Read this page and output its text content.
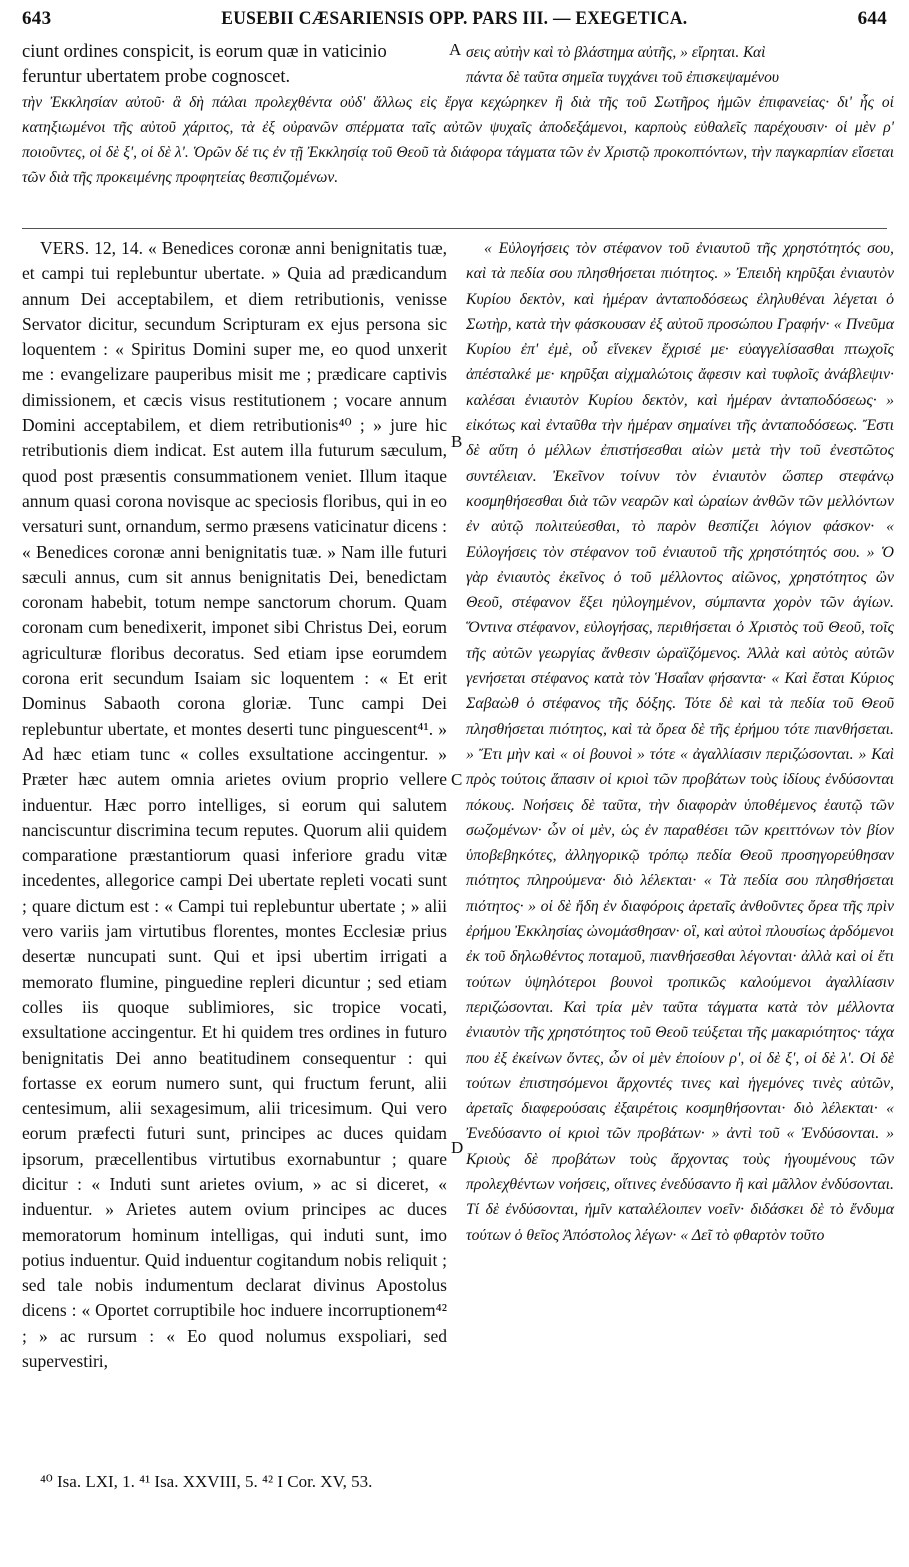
643	EUSEBII CÆSARIENSIS OPP. PARS III. — EXEGETICA.	644
ciunt ordines conspicit, is eorum quæ in vaticinio
feruntur ubertatem probe cognoscet.
σεις αὐτὴν καὶ τὸ βλάστημα αὐτῆς, » εἴρηται. Καὶ
πάντα δὲ ταῦτα σημεῖα τυγχάνει τοῦ ἐπισκεψαμένου
τὴν Ἐκκλησίαν αὐτοῦ· ἃ δὴ πάλαι προλεχθέντα οὐδ' ἄλλως εἰς ἔργα κεχώρηκεν ἢ διὰ τῆς τοῦ Σωτῆρος ἡμῶν ἐπιφανείας· δι' ἧς οἱ κατηξιωμένοι τῆς αὐτοῦ χάριτος, τὰ ἐξ οὐρανῶν σπέρματα ταῖς αὐτῶν ψυχαῖς ἀποδεξάμενοι, καρποὺς εὐθαλεῖς παρέχουσιν· οἱ μὲν ρ' ποιοῦντες, οἱ δὲ ξ', οἱ δὲ λ'. Ὁρῶν δέ τις ἐν τῇ Ἐκκλησίᾳ τοῦ Θεοῦ τὰ διάφορα τάγματα τῶν ἐν Χριστῷ προκοπτόντων, τὴν παγκαρπίαν εἴσεται τῶν διὰ τῆς προκειμένης προφητείας θεσπιζομένων.
A
B
C
D

VERS. 12, 14. « Benedices coronæ anni benignitatis tuæ, et campi tui replebuntur ubertate. » Quia ad prædicandum annum Dei acceptabilem, et diem retributionis, venisse Servator dicitur, secundum Scripturam ex ejus persona sic loquentem : « Spiritus Domini super me, eo quod unxerit me : evangelizare pauperibus misit me ; prædicare captivis dimissionem, et cæcis visus restitutionem ; vocare annum Domini acceptabilem, et diem retributionis⁴⁰ ; » jure hic retributionis diem indicat. Est autem illa futurum sæculum, quod post præsentis consummationem veniet. Illum itaque annum quasi corona novisque ac speciosis floribus, qui in eo versaturi sunt, ornandum, sermo præsens vaticinatur dicens : « Benedices coronæ anni benignitatis tuæ. » Nam ille futuri sæculi annus, cum sit annus benignitatis Dei, benedictam coronam habebit, totum nempe sanctorum chorum. Quam coronam cum benedixerit, imponet sibi Christus Dei, eorum agriculturæ floribus decoratus. Sed etiam ipse eorumdem corona erit secundum Isaiam sic loquentem : « Et erit Dominus Sabaoth corona gloriæ. Tunc campi Dei replebuntur ubertate, et montes deserti tunc pinguescent⁴¹. » Ad hæc etiam tunc « colles exsultatione accingentur. » Præter hæc autem omnia arietes ovium proprio vellere induentur. Hæc porro intelliges, si eorum qui salutem nanciscuntur discrimina tecum reputes. Quorum alii quidem comparatione præstantiorum quasi inferiore gradu vitæ incedentes, allegorice campi Dei ubertate repleti vocati sunt ; quare dictum est : « Campi tui replebuntur ubertate ; » alii vero variis jam virtutibus florentes, montes Ecclesiæ prius desertæ nuncupati sunt. Qui et ipsi ubertim irrigati a memorato flumine, pinguedine repleri dicuntur ; sed etiam colles iis quoque sublimiores, sic tropice vocati, exsultatione accingentur. Et hi quidem tres ordines in futuro benignitatis Dei anno beatitudinem consequentur : qui fortasse ex eorum numero sunt, qui fructum ferunt, alii centesimum, alii sexagesimum, alii tricesimum. Qui vero eorum præfecti futuri sunt, principes ac duces quidam ipsorum, præcellentibus virtutibus exornabuntur ; quare dicitur : « Induti sunt arietes ovium, » ac si diceret, « induentur. » Arietes autem ovium principes ac duces memoratorum hominum intelligas, qui induti sunt, imo potius induentur. Quid induentur cogitandum nobis reliquit ; sed tale nobis indumentum declarat divinus Apostolus dicens : « Oportet corruptibile hoc induere incorruptionem⁴² ; » ac rursum : « Eo quod nolumus exspoliari, sed supervestiri,

« Εὐλογήσεις τὸν στέφανον τοῦ ἐνιαυτοῦ τῆς χρηστότητός σου, καὶ τὰ πεδία σου πλησθήσεται πιότητος. » Ἐπειδὴ κηρῦξαι ἐνιαυτὸν Κυρίου δεκτὸν, καὶ ἡμέραν ἀνταποδόσεως ἐληλυθέναι λέγεται ὁ Σωτὴρ, κατὰ τὴν φάσκουσαν ἐξ αὐτοῦ προσώπου Γραφήν· « Πνεῦμα Κυρίου ἐπ' ἐμὲ, οὗ εἵνεκεν ἔχρισέ με· εὐαγγελίσασθαι πτωχοῖς ἀπέσταλκέ με· κηρῦξαι αἰχμαλώτοις ἄφεσιν καὶ τυφλοῖς ἀνάβλεψιν· καλέσαι ἐνιαυτὸν Κυρίου δεκτὸν, καὶ ἡμέραν ἀνταποδόσεως· » εἰκότως καὶ ἐνταῦθα τὴν ἡμέραν σημαίνει τῆς ἀνταποδόσεως. Ἔστι δὲ αὕτη ὁ μέλλων ἐπιστήσεσθαι αἰὼν μετὰ τὴν τοῦ ἐνεστῶτος συντέλειαν. Ἐκεῖνον τοίνυν τὸν ἐνιαυτὸν ὥσπερ στεφάνῳ κοσμηθήσεσθαι διὰ τῶν νεαρῶν καὶ ὡραίων ἀνθῶν τῶν μελλόντων ἐν αὐτῷ πολιτεύεσθαι, τὸ παρὸν θεσπίζει λόγιον φάσκον· « Εὐλογήσεις τὸν στέφανον τοῦ ἐνιαυτοῦ τῆς χρηστότητός σου. » Ὁ γὰρ ἐνιαυτὸς ἐκεῖνος ὁ τοῦ μέλλοντος αἰῶνος, χρηστότητος ὢν Θεοῦ, στέφανον ἕξει ηὐλογημένον, σύμπαντα χορὸν τῶν ἁγίων. Ὅντινα στέφανον, εὐλογήσας, περιθήσεται ὁ Χριστὸς τοῦ Θεοῦ, τοῖς τῆς αὐτῶν γεωργίας ἄνθεσιν ὡραϊζόμενος. Ἀλλὰ καὶ αὐτὸς αὐτῶν γενήσεται στέφανος κατὰ τὸν Ἡσαΐαν φήσαντα· « Καὶ ἔσται Κύριος Σαβαὼθ ὁ στέφανος τῆς δόξης. Τότε δὲ καὶ τὰ πεδία τοῦ Θεοῦ πλησθήσεται πιότητος, καὶ τὰ ὄρεα δὲ τῆς ἐρήμου τότε πιανθήσεται. » Ἔτι μὴν καὶ « οἱ βουνοὶ » τότε « ἀγαλλίασιν περιζώσονται. » Καὶ πρὸς τούτοις ἅπασιν οἱ κριοὶ τῶν προβάτων τοὺς ἰδίους ἐνδύσονται πόκους. Νοήσεις δὲ ταῦτα, τὴν διαφορὰν ὑποθέμενος ἑαυτῷ τῶν σωζομένων· ὧν οἱ μὲν, ὡς ἐν παραθέσει τῶν κρειττόνων τὸν βίον ὑποβεβηκότες, ἀλληγορικῷ τρόπῳ πεδία Θεοῦ προσηγορεύθησαν πιότητος πληρούμενα· διὸ λέλεκται· « Τὰ πεδία σου πλησθήσεται πιότητος· » οἱ δὲ ἤδη ἐν διαφόροις ἀρεταῖς ἀνθοῦντες ὄρεα τῆς πρὶν ἐρήμου Ἐκκλησίας ὠνομάσθησαν· οἳ, καὶ αὐτοὶ πλουσίως ἀρδόμενοι ἐκ τοῦ δηλωθέντος ποταμοῦ, πιανθήσεσθαι λέγονται· ἀλλὰ καὶ οἱ ἔτι τούτων ὑψηλότεροι βουνοὶ τροπικῶς καλούμενοι ἀγαλλίασιν περιζώσονται. Καὶ τρία μὲν ταῦτα τάγματα κατὰ τὸν μέλλοντα ἐνιαυτὸν τῆς χρηστότητος τοῦ Θεοῦ τεύξεται τῆς μακαριότητος· τάχα που ἐξ ἐκείνων ὄντες, ὧν οἱ μὲν ἐποίουν ρ', οἱ δὲ ξ', οἱ δὲ λ'. Οἱ δὲ τούτων ἐπιστησόμενοι ἄρχοντές τινες καὶ ἡγεμόνες τινὲς αὐτῶν, ἀρεταῖς διαφερούσαις ἐξαιρέτοις κοσμηθήσονται· διὸ λέλεκται· « Ἐνεδύσαντο οἱ κριοὶ τῶν προβάτων· » ἀντὶ τοῦ « Ἐνδύσονται. » Κριοὺς δὲ προβάτων τοὺς ἄρχοντας τοὺς ἡγουμένους τῶν προλεχθέντων νοήσεις, οἵτινες ἐνεδύσαντο ἢ καὶ μᾶλλον ἐνδύσονται. Τί δὲ ἐνδύσονται, ἡμῖν καταλέλοιπεν νοεῖν· διδάσκει δὲ τὸ ἔνδυμα τούτων ὁ θεῖος Ἀπόστολος λέγων· « Δεῖ τὸ φθαρτὸν τοῦτο

⁴⁰ Isa. LXI, 1. ⁴¹ Isa. XXVIII, 5. ⁴² I Cor. XV, 53.
